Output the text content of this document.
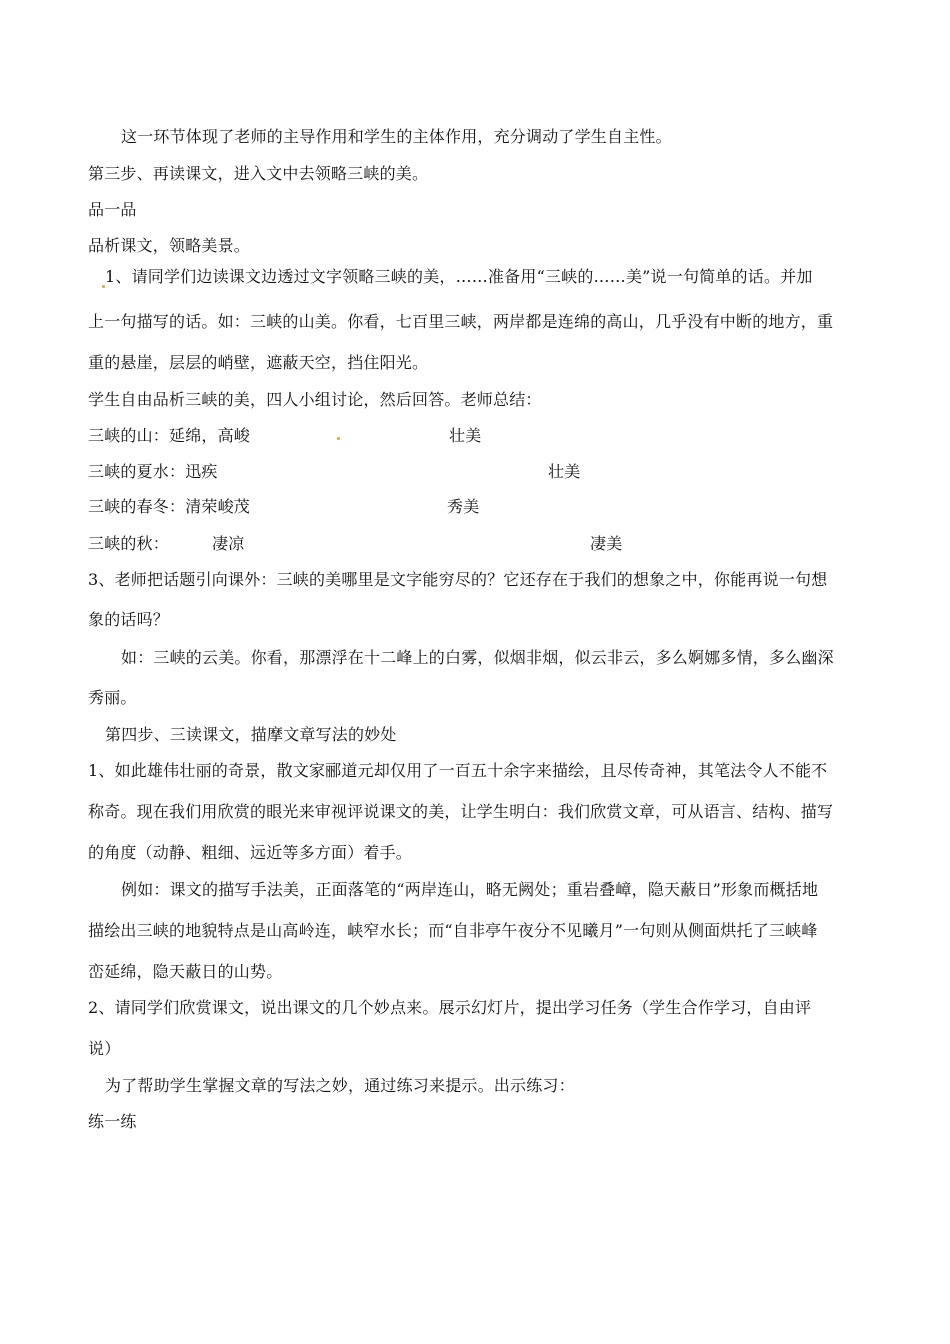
这一环节体现了老师的主导作用和学生的主体作用，充分调动了学生自主性。
第三步、再读课文，进入文中去领略三峡的美。
品一品
品析课文，领略美景。
1、请同学们边读课文边透过文字领略三峡的美，……准备用“三峡的……美”说一句简单的话。并加
上一句描写的话。如：三峡的山美。你看，七百里三峡，两岸都是连绵的高山，几乎没有中断的地方，重
重的悬崖，层层的峭壁，遮蔽天空，挡住阳光。
学生自由品析三峡的美，四人小组讨论，然后回答。老师总结：
三峡的山：延绵，高峻	壮美
三峡的夏水：迅疾	壮美
三峡的春冬：清荣峻茂	秀美
三峡的秋：	凄凉	凄美
3、老师把话题引向课外：三峡的美哪里是文字能穷尽的？它还存在于我们的想象之中，你能再说一句想
象的话吗？
如：三峡的云美。你看，那漂浮在十二峰上的白雾，似烟非烟，似云非云，多么婀娜多情，多么幽深
秀丽。
第四步、三读课文，描摩文章写法的妙处
1、如此雄伟壮丽的奇景，散文家郦道元却仅用了一百五十余字来描绘，且尽传奇神，其笔法令人不能不
称奇。现在我们用欣赏的眼光来审视评说课文的美，让学生明白：我们欣赏文章，可从语言、结构、描写
的角度（动静、粗细、远近等多方面）着手。
例如：课文的描写手法美，正面落笔的“两岸连山，略无阙处；重岩叠嶂，隐天蔽日”形象而概括地
描绘出三峡的地貌特点是山高岭连，峡窄水长；而“自非亭午夜分不见曦月”一句则从侧面烘托了三峡峰
峦延绵，隐天蔽日的山势。
2、请同学们欣赏课文，说出课文的几个妙点来。展示幻灯片，提出学习任务（学生合作学习，自由评
说）
为了帮助学生掌握文章的写法之妙，通过练习来提示。出示练习：
练一练
